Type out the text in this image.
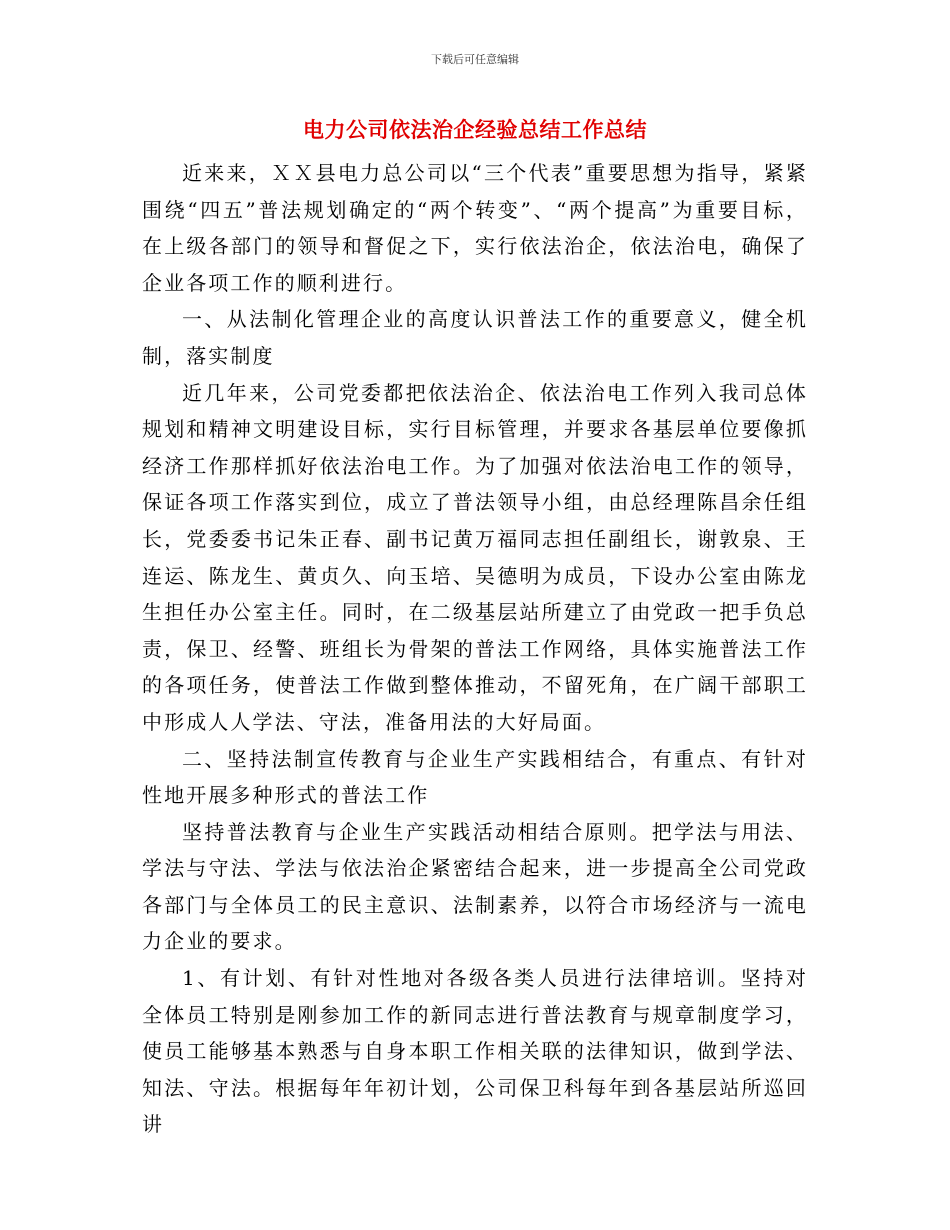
下载后可任意编辑
电力公司依法治企经验总结工作总结

近来来，ＸＸ县电力总公司以“三个代表”重要思想为指导，紧紧围绕“四五”普法规划确定的“两个转变”、“两个提高”为重要目标，在上级各部门的领导和督促之下，实行依法治企，依法治电，确保了企业各项工作的顺利进行。

一、从法制化管理企业的高度认识普法工作的重要意义，健全机制，落实制度

近几年来，公司党委都把依法治企、依法治电工作列入我司总体规划和精神文明建设目标，实行目标管理，并要求各基层单位要像抓经济工作那样抓好依法治电工作。为了加强对依法治电工作的领导，保证各项工作落实到位，成立了普法领导小组，由总经理陈昌余任组长，党委委书记朱正春、副书记黄万福同志担任副组长，谢敦泉、王连运、陈龙生、黄贞久、向玉培、吴德明为成员，下设办公室由陈龙生担任办公室主任。同时，在二级基层站所建立了由党政一把手负总责，保卫、经警、班组长为骨架的普法工作网络，具体实施普法工作的各项任务，使普法工作做到整体推动，不留死角，在广阔干部职工中形成人人学法、守法，准备用法的大好局面。

二、坚持法制宣传教育与企业生产实践相结合，有重点、有针对性地开展多种形式的普法工作

坚持普法教育与企业生产实践活动相结合原则。把学法与用法、学法与守法、学法与依法治企紧密结合起来，进一步提高全公司党政各部门与全体员工的民主意识、法制素养，以符合市场经济与一流电力企业的要求。

1、有计划、有针对性地对各级各类人员进行法律培训。坚持对全体员工特别是刚参加工作的新同志进行普法教育与规章制度学习，使员工能够基本熟悉与自身本职工作相关联的法律知识，做到学法、知法、守法。根据每年年初计划，公司保卫科每年到各基层站所巡回讲
